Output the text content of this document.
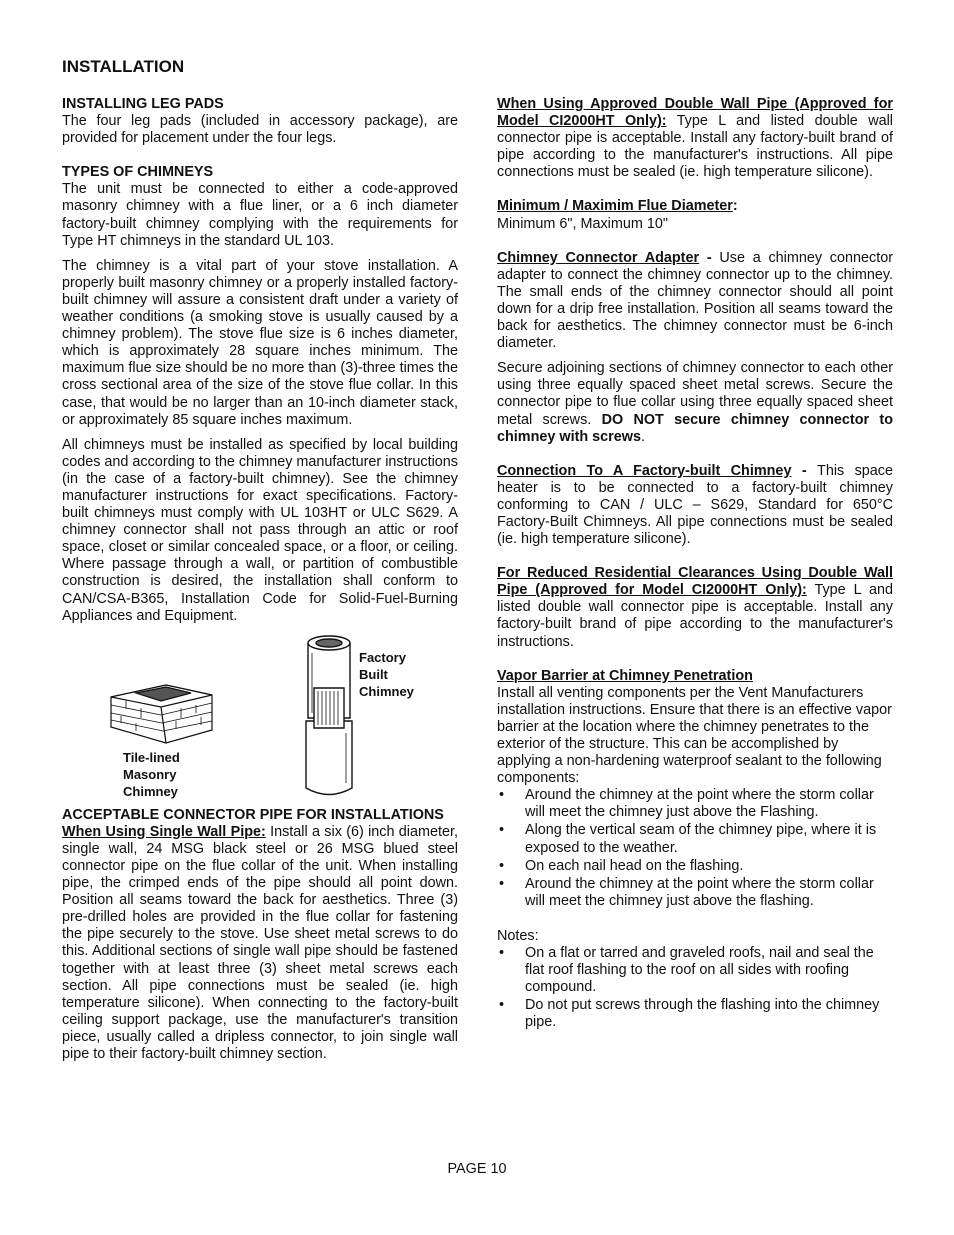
INSTALLATION
INSTALLING LEG PADS

The four leg pads (included in accessory package), are provided for placement under the four legs.

TYPES OF CHIMNEYS

The unit must be connected to either a code-approved masonry chimney with a flue liner, or a 6 inch diameter factory-built chimney complying with the requirements for Type HT chimneys in the standard UL 103.

The chimney is a vital part of your stove installation. A properly built masonry chimney or a properly installed factory-built chimney will assure a consistent draft under a variety of weather conditions (a smoking stove is usually caused by a chimney problem). The stove flue size is 6 inches diameter, which is approximately 28 square inches minimum. The maximum flue size should be no more than (3)-three times the cross sectional area of the size of the stove flue collar. In this case, that would be no larger than an 10-inch diameter stack, or approximately 85 square inches maximum.

All chimneys must be installed as specified by local building codes and according to the chimney manufacturer instructions (in the case of a factory-built chimney). See the chimney manufacturer instructions for exact specifications. Factory-built chimneys must comply with UL 103HT or ULC S629. A chimney connector shall not pass through an attic or roof space, closet or similar concealed space, or a floor, or ceiling. Where passage through a wall, or partition of combustible construction is desired, the installation shall conform to CAN/CSA-B365, Installation Code for Solid-Fuel-Burning Appliances and Equipment.

Tile-lined
Masonry
Chimney
Factory
Built
Chimney
ACCEPTABLE CONNECTOR PIPE FOR INSTALLATIONS

When Using Single Wall Pipe: Install a six (6) inch diameter, single wall, 24 MSG black steel or 26 MSG blued steel connector pipe on the flue collar of the unit. When installing pipe, the crimped ends of the pipe should all point down. Position all seams toward the back for aesthetics. Three (3) pre-drilled holes are provided in the flue collar for fastening the pipe securely to the stove. Use sheet metal screws to do this. Additional sections of single wall pipe should be fastened together with at least three (3) sheet metal screws each section. All pipe connections must be sealed (ie. high temperature silicone). When connecting to the factory-built ceiling support package, use the manufacturer's transition piece, usually called a dripless connector, to join single wall pipe to their factory-built chimney section.

When Using Approved Double Wall Pipe (Approved for Model CI2000HT Only): Type L and listed double wall connector pipe is acceptable. Install any factory-built brand of pipe according to the manufacturer's instructions. All pipe connections must be sealed (ie. high temperature silicone).

Minimum / Maximim Flue Diameter:

Minimum 6", Maximum 10"

Chimney Connector Adapter - Use a chimney connector adapter to connect the chimney connector up to the chimney. The small ends of the chimney connector should all point down for a drip free installation. Position all seams toward the back for aesthetics. The chimney connector must be 6-inch diameter.

Secure adjoining sections of chimney connector to each other using three equally spaced sheet metal screws. Secure the connector pipe to flue collar using three equally spaced sheet metal screws. DO NOT secure chimney connector to chimney with screws.

Connection To A Factory-built Chimney - This space heater is to be connected to a factory-built chimney conforming to CAN / ULC – S629, Standard for 650°C Factory-Built Chimneys. All pipe connections must be sealed (ie. high temperature silicone).

For Reduced Residential Clearances Using Double Wall Pipe (Approved for Model CI2000HT Only): Type L and listed double wall connector pipe is acceptable. Install any factory-built brand of pipe according to the manufacturer's instructions.

Vapor Barrier at Chimney Penetration

Install all venting components per the Vent Manufacturers installation instructions. Ensure that there is an effective vapor barrier at the location where the chimney penetrates to the exterior of the structure. This can be accomplished by applying a non-hardening waterproof sealant to the following components:

• Around the chimney at the point where the storm collar will meet the chimney just above the Flashing.
• Along the vertical seam of the chimney pipe, where it is exposed to the weather.
• On each nail head on the flashing.
• Around the chimney at the point where the storm collar will meet the chimney just above the flashing.

Notes:

• On a flat or tarred and graveled roofs, nail and seal the flat roof flashing to the roof on all sides with roofing compound.
• Do not put screws through the flashing into the chimney pipe.
PAGE 10
